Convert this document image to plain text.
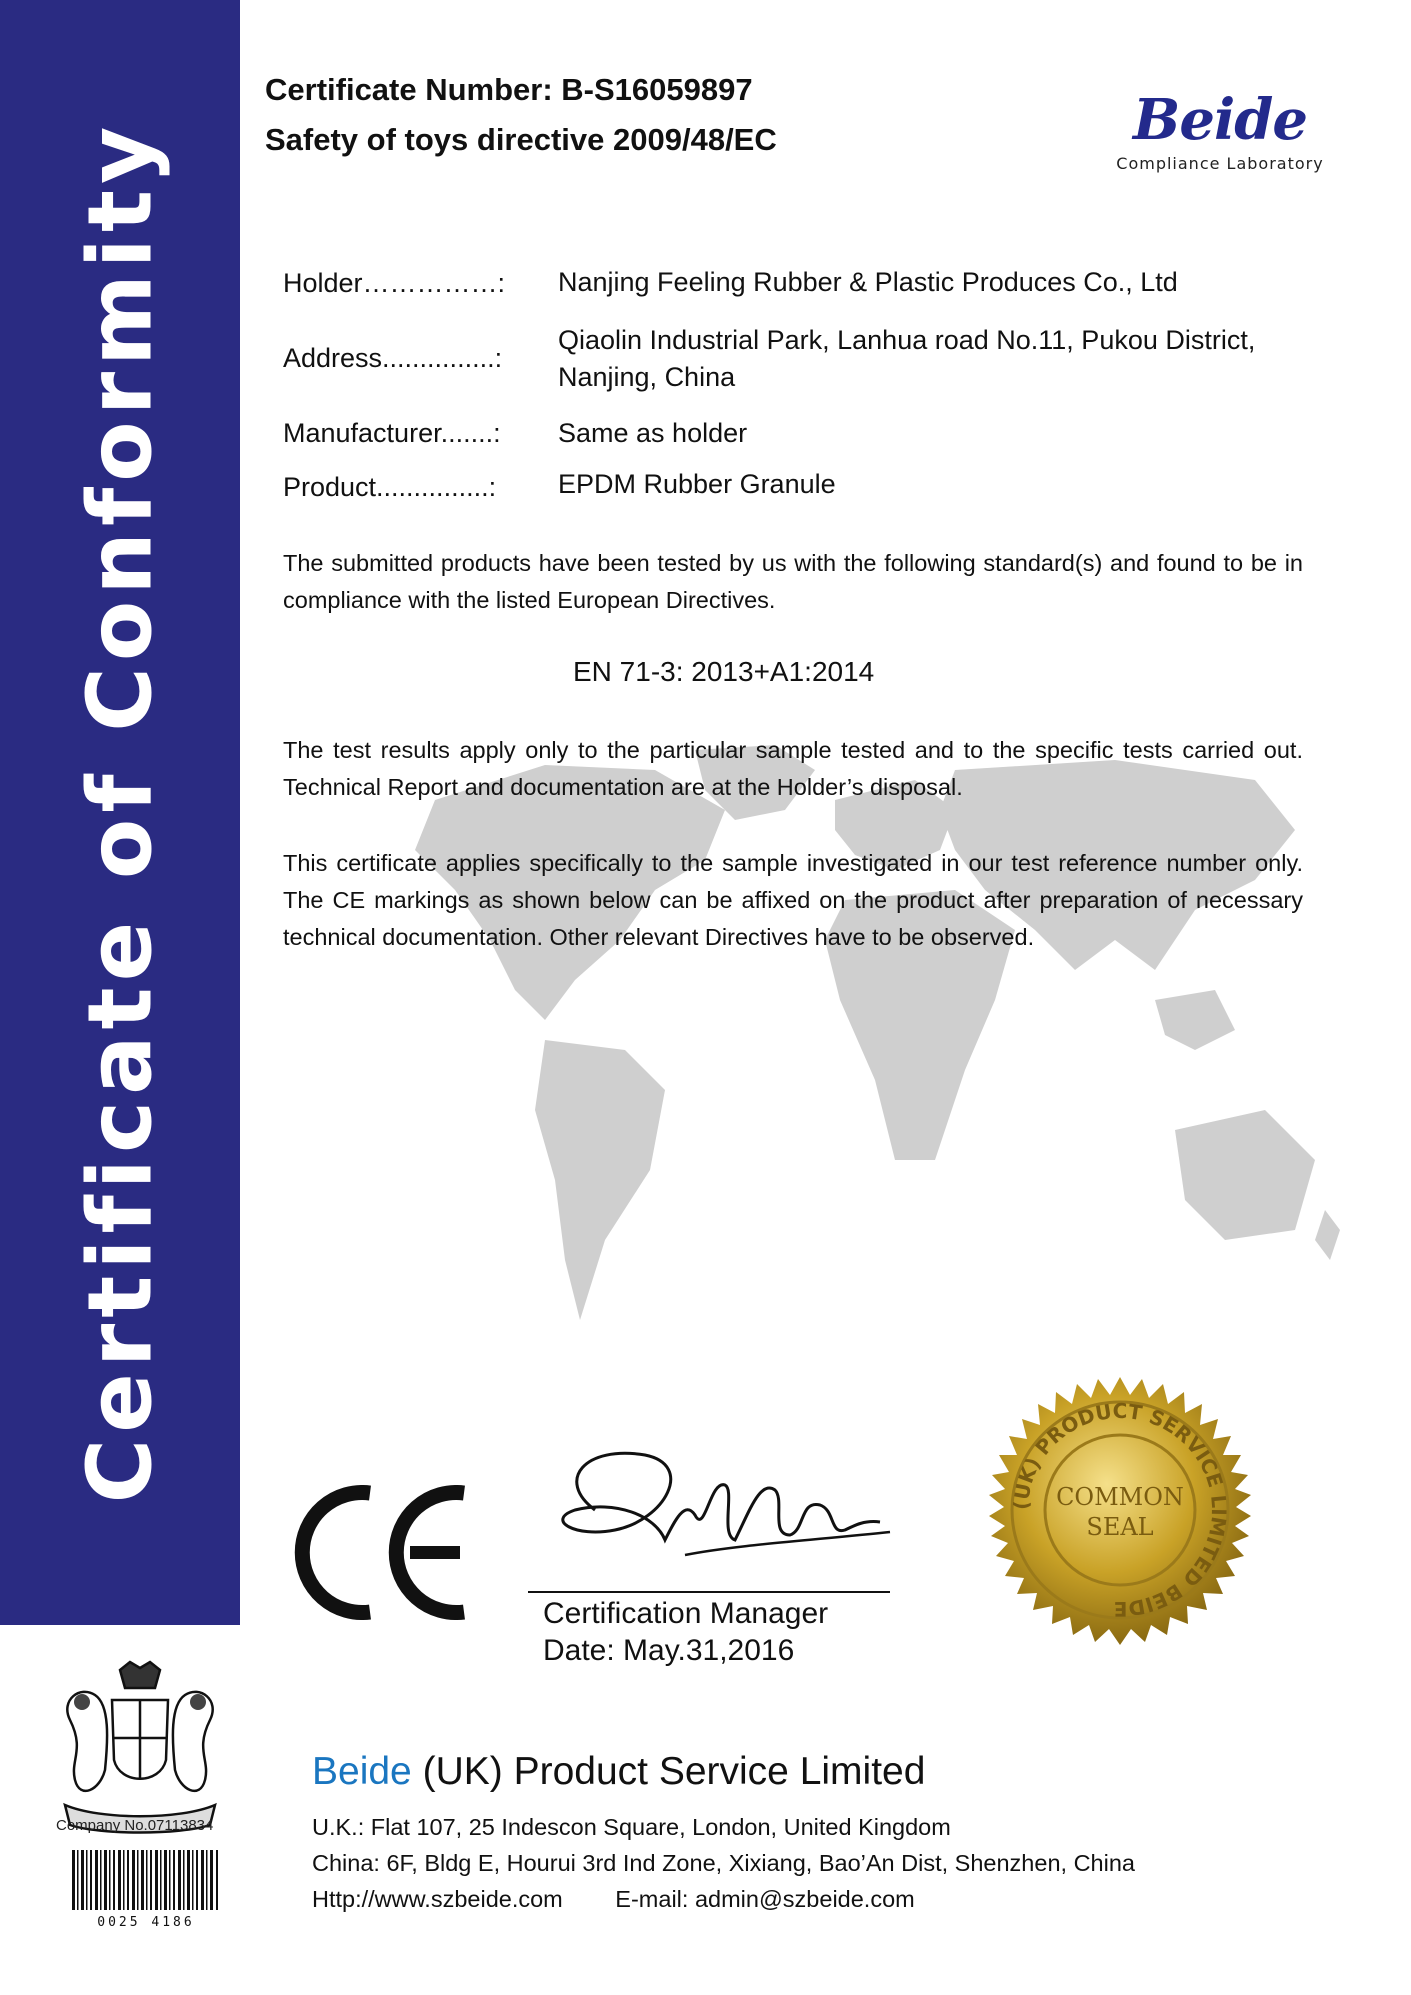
Certificate of Conformity
Certificate Number: B-S16059897
Safety of toys directive 2009/48/EC	Beide
Compliance Laboratory
Holder……………: Nanjing Feeling Rubber & Plastic Produces Co., Ltd
Address...............:
Qiaolin Industrial Park, Lanhua road No.11, Pukou District,
Nanjing, China
Manufacturer.......: Same as holder
Product...............: EPDM Rubber Granule
The submitted products have been tested by us with the following standard(s) and found to be in compliance with the listed European Directives.
EN 71-3: 2013+A1:2014
The test results apply only to the particular sample tested and to the specific tests carried out. Technical Report and documentation are at the Holder’s disposal.
This certificate applies specifically to the sample investigated in our test reference number only. The CE markings as shown below can be affixed on the product after preparation of necessary technical documentation. Other relevant Directives have to be observed.
Certification Manager
Date: May.31,2016
(UK) PRODUCT SERVICE LIMITED BEIDE
COMMON
SEAL
Company No.07113834
0025 4186
Beide (UK) Product Service Limited
U.K.: Flat 107, 25 Indescon Square, London, United Kingdom
China: 6F, Bldg E, Hourui 3rd Ind Zone, Xixiang, Bao’An Dist, Shenzhen, China
Http://www.szbeide.com E-mail: admin@szbeide.com
